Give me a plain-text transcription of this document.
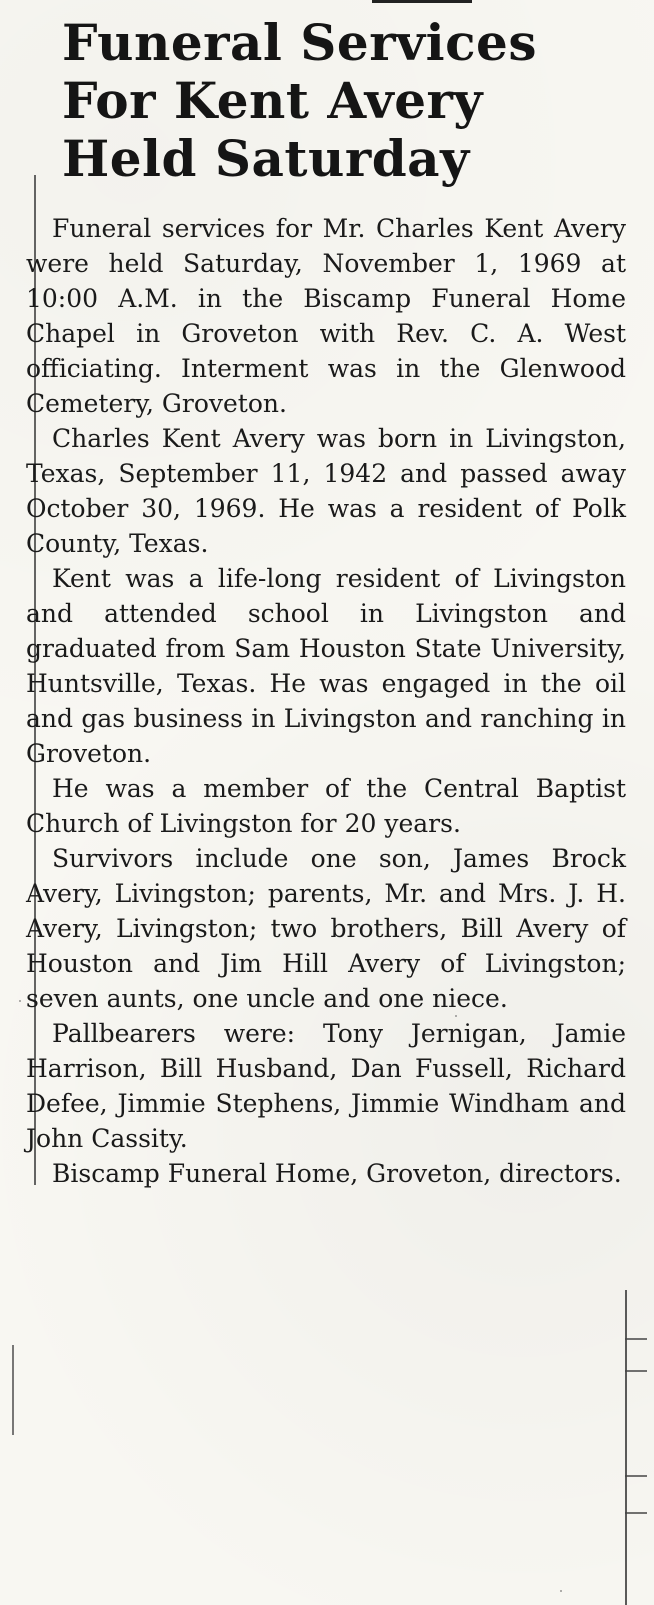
Funeral Services
For Kent Avery
Held Saturday

Funeral services for Mr. Charles Kent Avery were held Saturday, November 1, 1969 at 10:00 A.M. in the Biscamp Funeral Home Chapel in Groveton with Rev. C. A. West officiating. Interment was in the Glenwood Cemetery, Groveton.

Charles Kent Avery was born in Livingston, Texas, September 11, 1942 and passed away October 30, 1969. He was a resident of Polk County, Texas.

Kent was a life-long resident of Livingston and attended school in Livingston and graduated from Sam Houston State University, Huntsville, Texas. He was engaged in the oil and gas business in Livingston and ranching in Groveton.

He was a member of the Central Baptist Church of Livingston for 20 years.

Survivors include one son, James Brock Avery, Livingston; parents, Mr. and Mrs. J. H. Avery, Livingston; two brothers, Bill Avery of Houston and Jim Hill Avery of Livingston; seven aunts, one uncle and one niece.

Pallbearers were: Tony Jernigan, Jamie Harrison, Bill Husband, Dan Fussell, Richard Defee, Jimmie Stephens, Jimmie Windham and John Cassity.

Biscamp Funeral Home, Groveton, directors.
